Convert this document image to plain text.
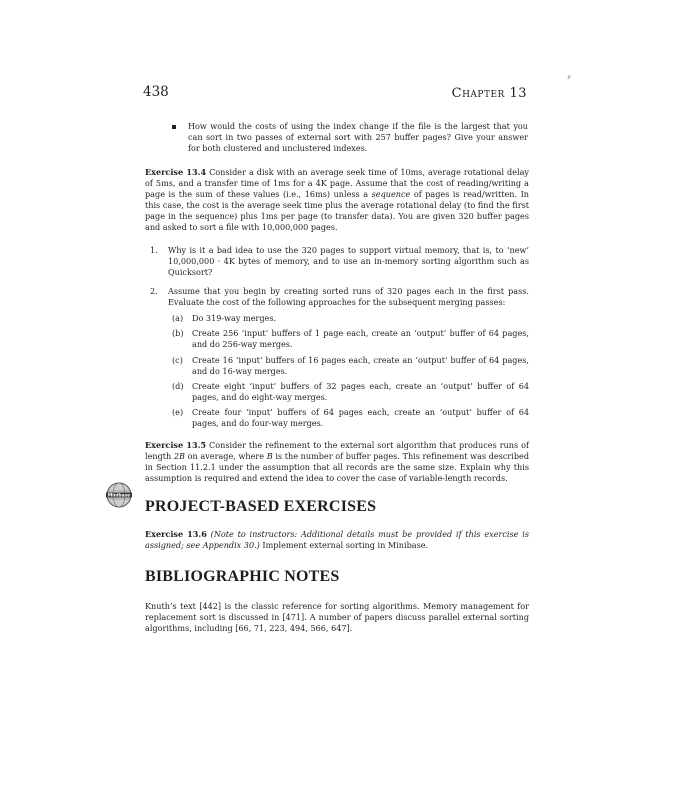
438	Chapter 13

How would the costs of using the index change if the file is the largest that you can sort in two passes of external sort with 257 buffer pages? Give your answer for both clustered and unclustered indexes.

Exercise 13.4 Consider a disk with an average seek time of 10ms, average rotational delay of 5ms, and a transfer time of 1ms for a 4K page. Assume that the cost of reading/writing a page is the sum of these values (i.e., 16ms) unless a sequence of pages is read/written. In this case, the cost is the average seek time plus the average rotational delay (to find the first page in the sequence) plus 1ms per page (to transfer data). You are given 320 buffer pages and asked to sort a file with 10,000,000 pages.

1. Why is it a bad idea to use the 320 pages to support virtual memory, that is, to ‘new’ 10,000,000 · 4K bytes of memory, and to use an in-memory sorting algorithm such as Quicksort?

2. Assume that you begin by creating sorted runs of 320 pages each in the first pass. Evaluate the cost of the following approaches for the subsequent merging passes:

(a) Do 319-way merges.

(b) Create 256 ‘input’ buffers of 1 page each, create an ‘output’ buffer of 64 pages, and do 256-way merges.

(c) Create 16 ‘input’ buffers of 16 pages each, create an ‘output’ buffer of 64 pages, and do 16-way merges.

(d) Create eight ‘input’ buffers of 32 pages each, create an ‘output’ buffer of 64 pages, and do eight-way merges.

(e) Create four ‘input’ buffers of 64 pages each, create an ‘output’ buffer of 64 pages, and do four-way merges.

Exercise 13.5 Consider the refinement to the external sort algorithm that produces runs of length 2B on average, where B is the number of buffer pages. This refinement was described in Section 11.2.1 under the assumption that all records are the same size. Explain why this assumption is required and extend the idea to cover the case of variable-length records.

Minibase
PROJECT-BASED EXERCISES

Exercise 13.6 (Note to instructors: Additional details must be provided if this exercise is assigned; see Appendix 30.) Implement external sorting in Minibase.

BIBLIOGRAPHIC NOTES

Knuth’s text [442] is the classic reference for sorting algorithms. Memory management for replacement sort is discussed in [471]. A number of papers discuss parallel external sorting algorithms, including [66, 71, 223, 494, 566, 647].
